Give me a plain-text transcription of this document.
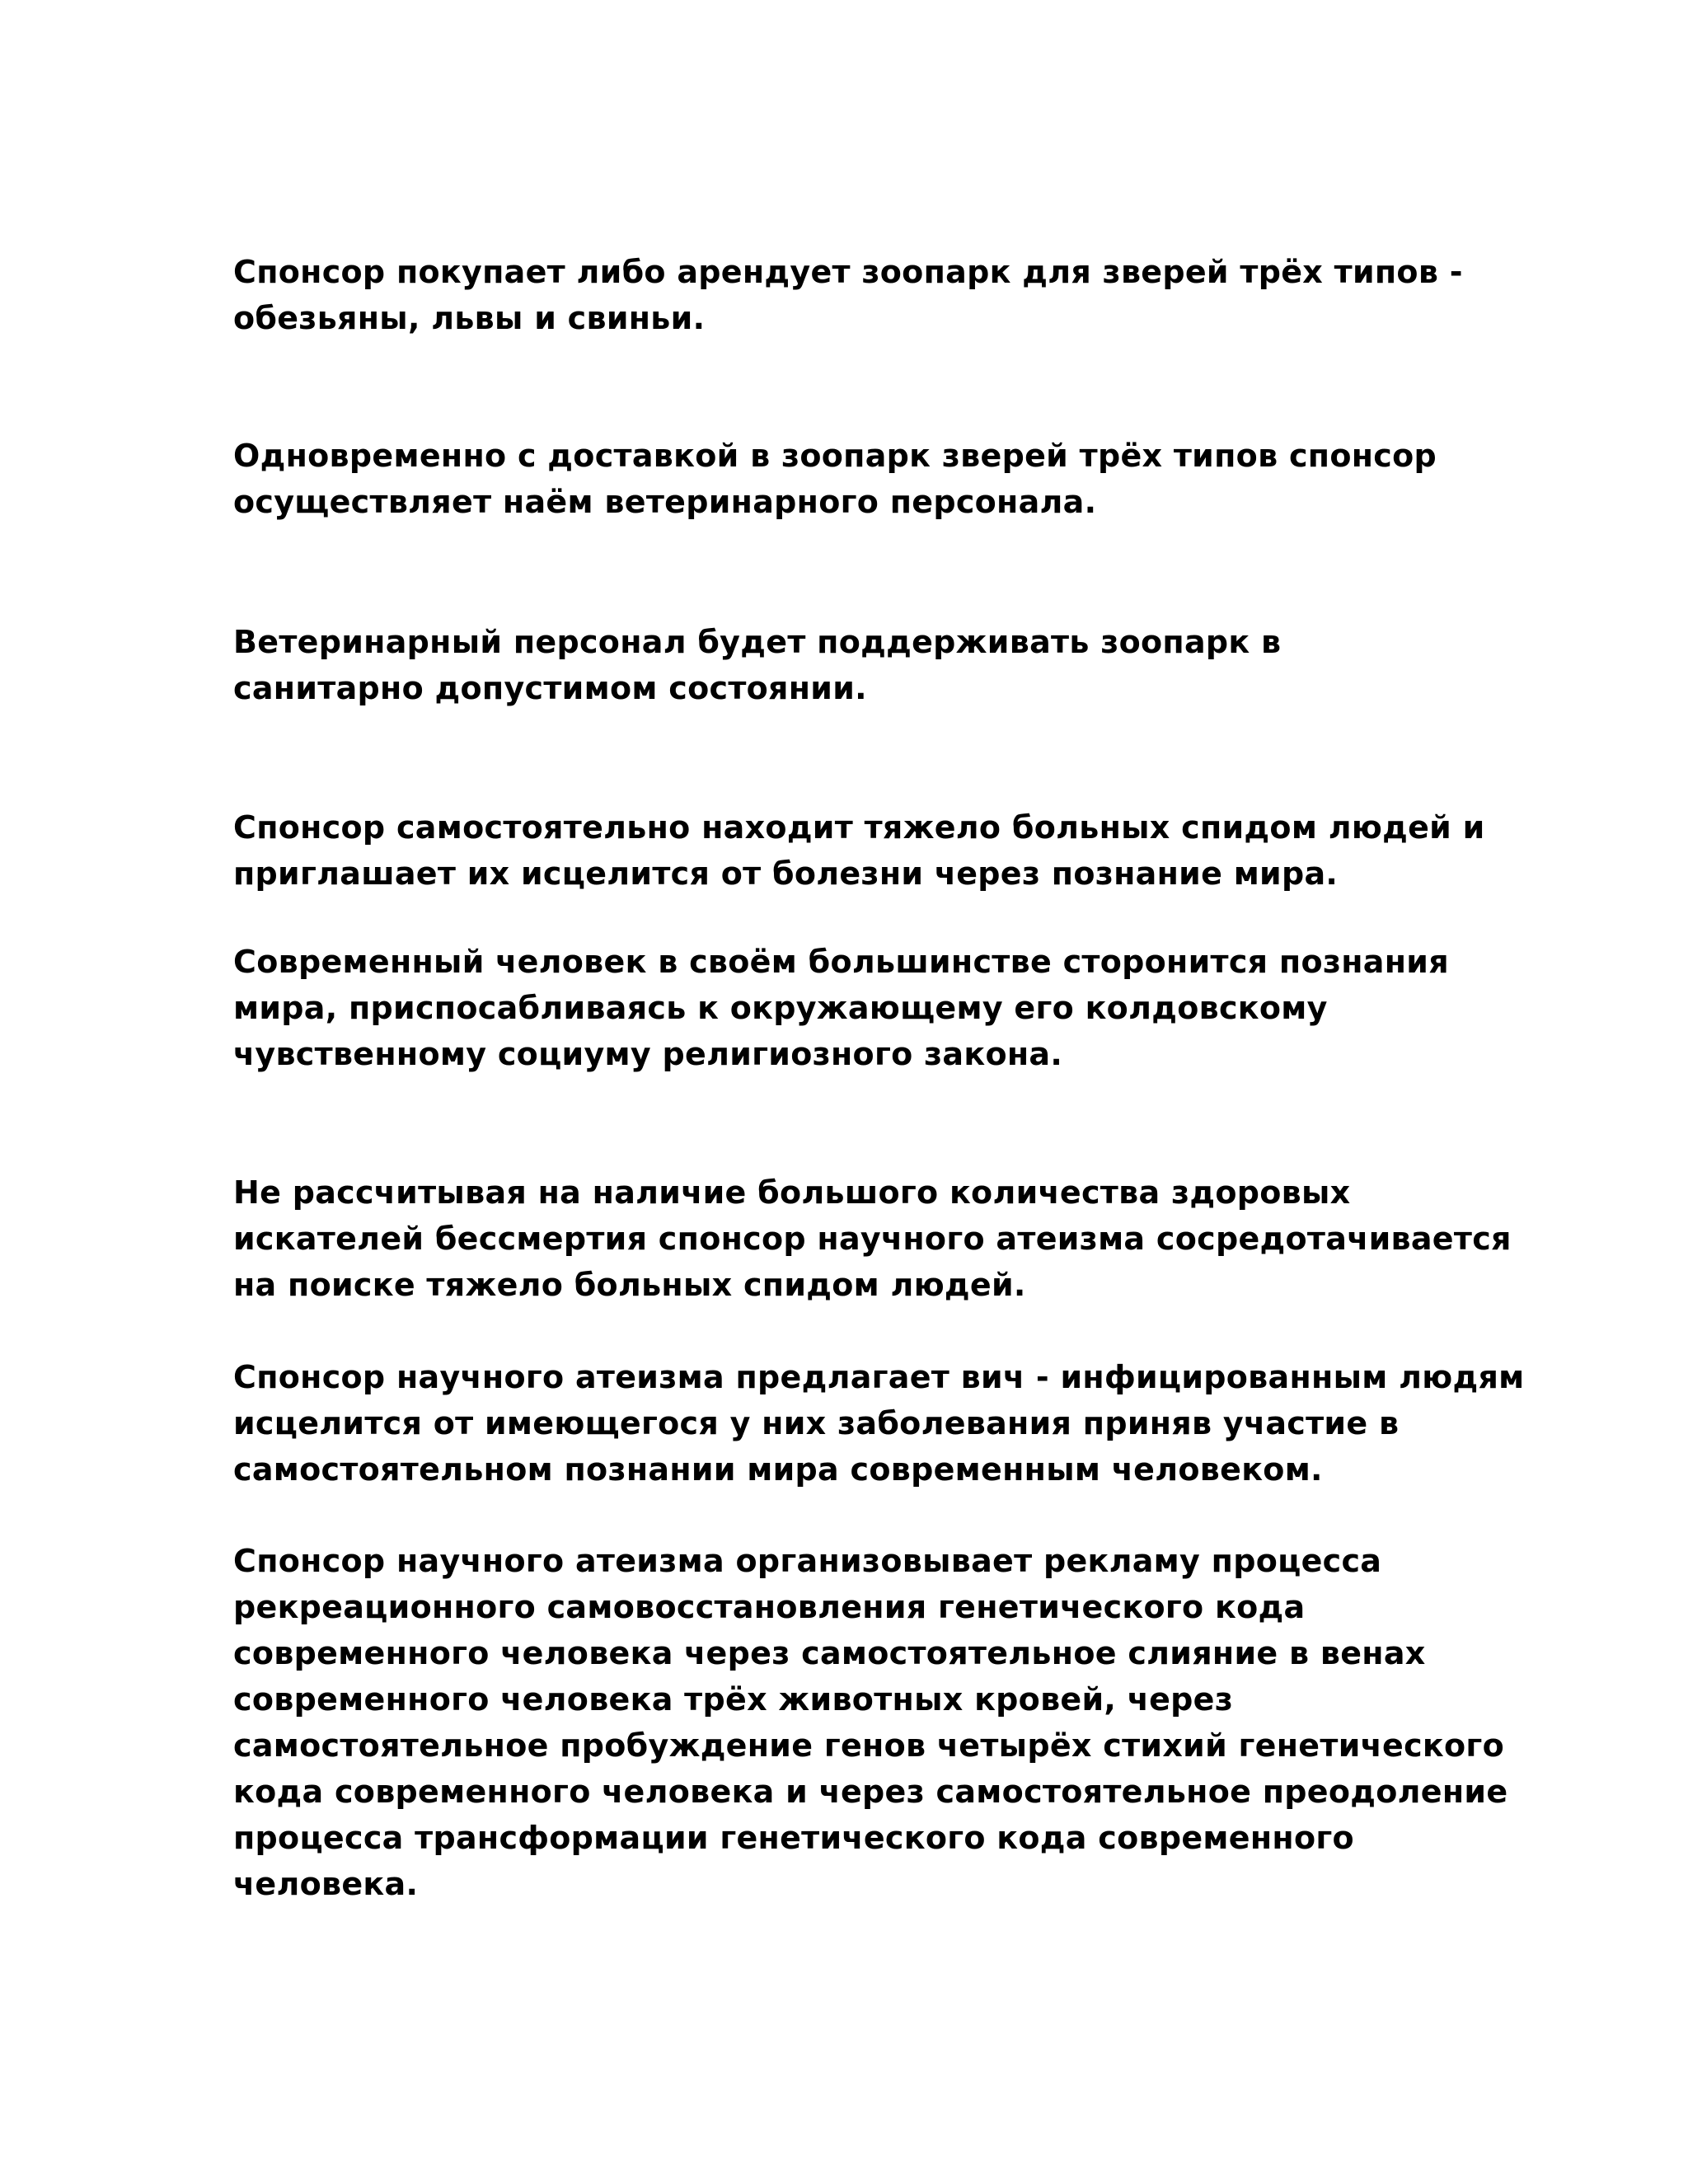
Спонсор покупает либо арендует зоопарк для зверей трёх типов -
обезьяны, львы и свиньи.

Одновременно с доставкой в зоопарк зверей трёх типов спонсор
осуществляет наём ветеринарного персонала.

Ветеринарный персонал будет поддерживать зоопарк в
санитарно допустимом состоянии.

Спонсор самостоятельно находит тяжело больных спидом людей и
приглашает их исцелится от болезни через познание мира.

Современный человек в своём большинстве сторонится познания
мира, приспосабливаясь к окружающему его колдовскому
чувственному социуму религиозного закона.

Не рассчитывая на наличие большого количества здоровых
искателей бессмертия спонсор научного атеизма сосредотачивается
на поиске тяжело больных спидом людей.

Спонсор научного атеизма предлагает вич - инфицированным людям
исцелится от имеющегося у них заболевания приняв участие в
самостоятельном познании мира современным человеком.

Спонсор научного атеизма организовывает рекламу процесса
рекреационного самовосстановления генетического кода
современного человека через самостоятельное слияние в венах
современного человека трёх животных кровей, через
самостоятельное пробуждение генов четырёх стихий генетического
кода современного человека и через самостоятельное преодоление
процесса трансформации генетического кода современного
человека.
